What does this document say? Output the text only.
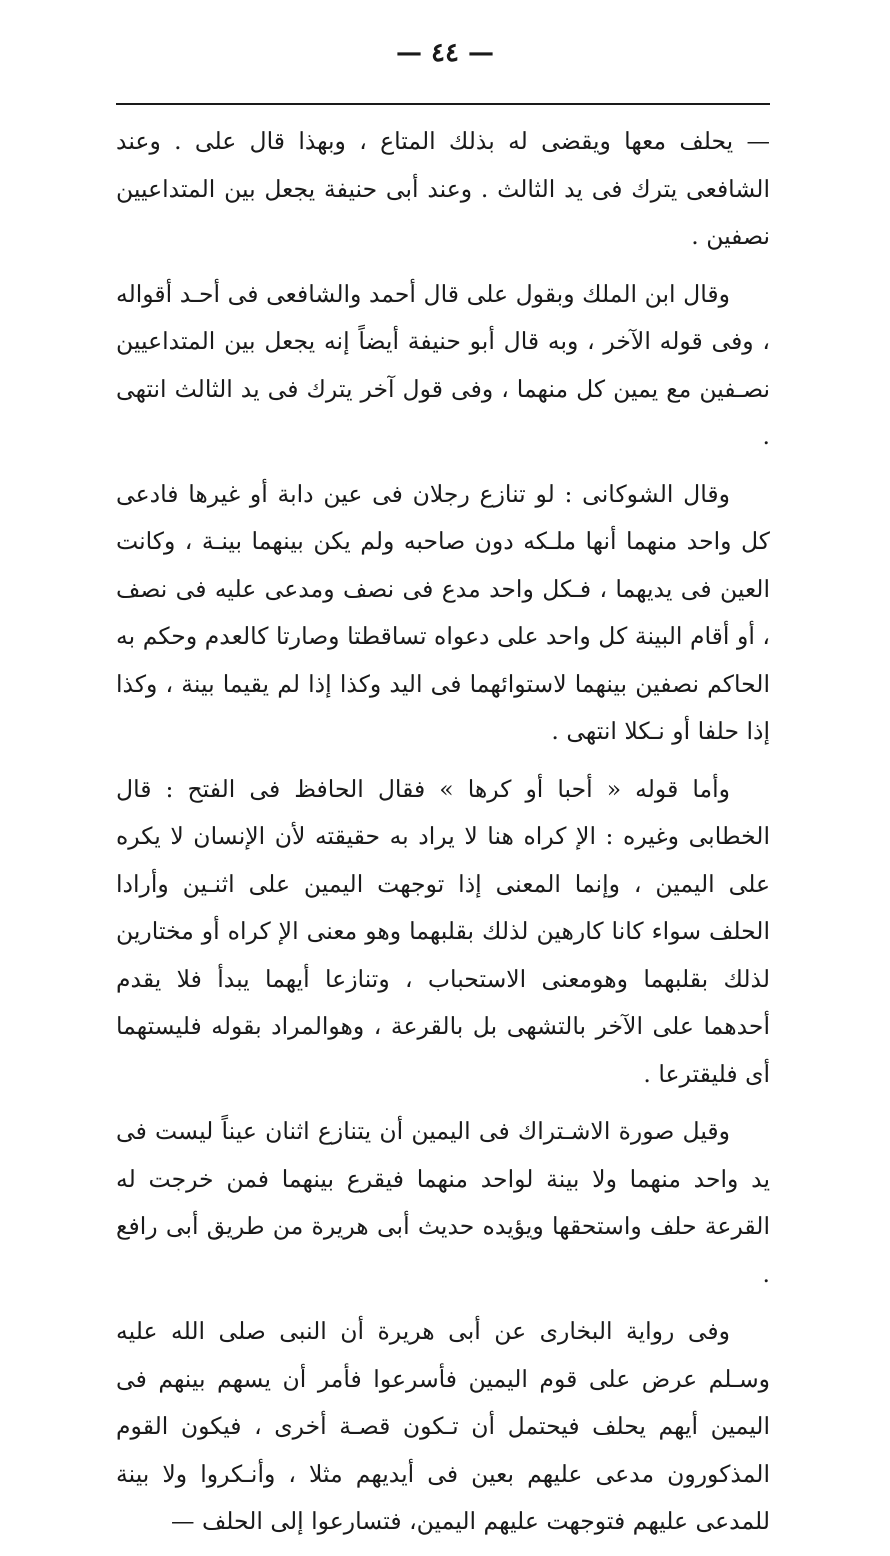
— ٤٤ —

— يحلف معها ويقضى له بذلك المتاع ، وبهذا قال على . وعند الشافعى يترك فى يد الثالث . وعند أبى حنيفة يجعل بين المتداعيين نصفين .

وقال ابن الملك وبقول على قال أحمد والشافعى فى أحـد أقواله ، وفى قوله الآخر ، وبه قال أبو حنيفة أيضاً إنه يجعل بين المتداعيين نصـفين مع يمين كل منهما ، وفى قول آخر يترك فى يد الثالث انتهى .

وقال الشوكانى : لو تنازع رجلان فى عين دابة أو غيرها فادعى كل واحد منهما أنها ملـكه دون صاحبه ولم يكن بينهما بينـة ، وكانت العين فى يديهما ، فـكل واحد مدع فى نصف ومدعى عليه فى نصف ، أو أقام البينة كل واحد على دعواه تساقطتا وصارتا كالعدم وحكم به الحاكم نصفين بينهما لاستوائهما فى اليد وكذا إذا لم يقيما بينة ، وكذا إذا حلفا أو نـكلا انتهى .

وأما قوله « أحبا أو كرها » فقال الحافظ فى الفتح : قال الخطابى وغيره : الإ كراه هنا لا يراد به حقيقته لأن الإنسان لا يكره على اليمين ، وإنما المعنى إذا توجهت اليمين على اثنـين وأرادا الحلف سواء كانا كارهين لذلك بقلبهما وهو معنى الإ كراه أو مختارين لذلك بقلبهما وهومعنى الاستحباب ، وتنازعا أيهما يبدأ فلا يقدم أحدهما على الآخر بالتشهى بل بالقرعة ، وهوالمراد بقوله فليستهما أى فليقترعا .

وقيل صورة الاشـتراك فى اليمين أن يتنازع اثنان عيناً ليست فى يد واحد منهما ولا بينة لواحد منهما فيقرع بينهما فمن خرجت له القرعة حلف واستحقها ويؤيده حديث أبى هريرة من طريق أبى رافع .

وفى رواية البخارى عن أبى هريرة أن النبى صلى الله عليه وسـلم عرض على قوم اليمين فأسرعوا فأمر أن يسهم بينهم فى اليمين أيهم يحلف فيحتمل أن تـكون قصـة أخرى ، فيكون القوم المذكورون مدعى عليهم بعين فى أيديهم مثلا ، وأنـكروا ولا بينة للمدعى عليهم فتوجهت عليهم اليمين، فتسارعوا إلى الحلف —
